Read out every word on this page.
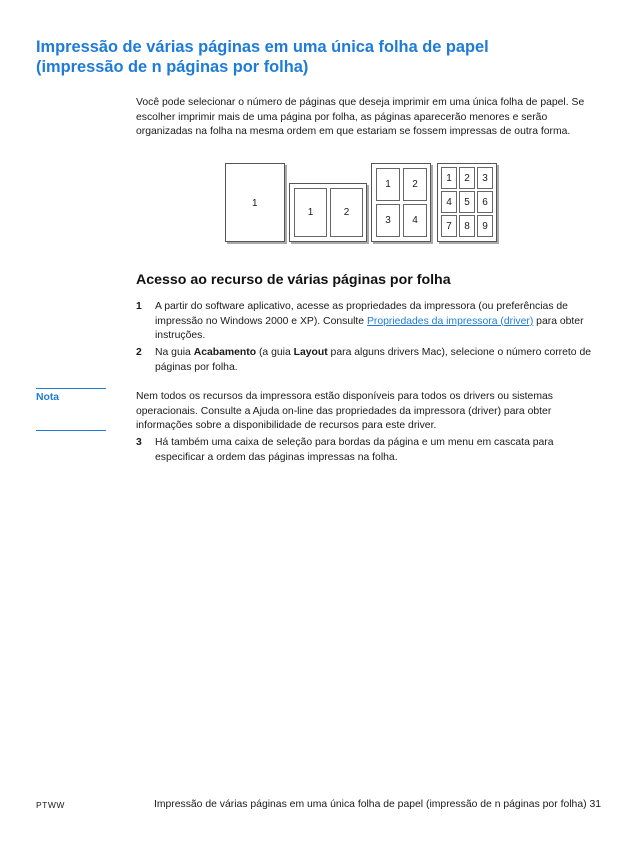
Impressão de várias páginas em uma única folha de papel
(impressão de n páginas por folha)

Você pode selecionar o número de páginas que deseja imprimir em uma única folha de papel. Se escolher imprimir mais de uma página por folha, as páginas aparecerão menores e serão organizadas na folha na mesma ordem em que estariam se fossem impressas de outra forma.

1
1	2
1	2
3	4
1	2	3
4	5	6
7	8	9
Acesso ao recurso de várias páginas por folha
1 A partir do software aplicativo, acesse as propriedades da impressora (ou preferências de impressão no Windows 2000 e XP). Consulte Propriedades da impressora (driver) para obter instruções.
2 Na guia Acabamento (a guia Layout para alguns drivers Mac), selecione o número correto de páginas por folha.
Nota	Nem todos os recursos da impressora estão disponíveis para todos os drivers ou sistemas operacionais. Consulte a Ajuda on-line das propriedades da impressora (driver) para obter informações sobre a disponibilidade de recursos para este driver.
3 Há também uma caixa de seleção para bordas da página e um menu em cascata para especificar a ordem das páginas impressas na folha.
PTWW	Impressão de várias páginas em uma única folha de papel (impressão de n páginas por folha) 31
